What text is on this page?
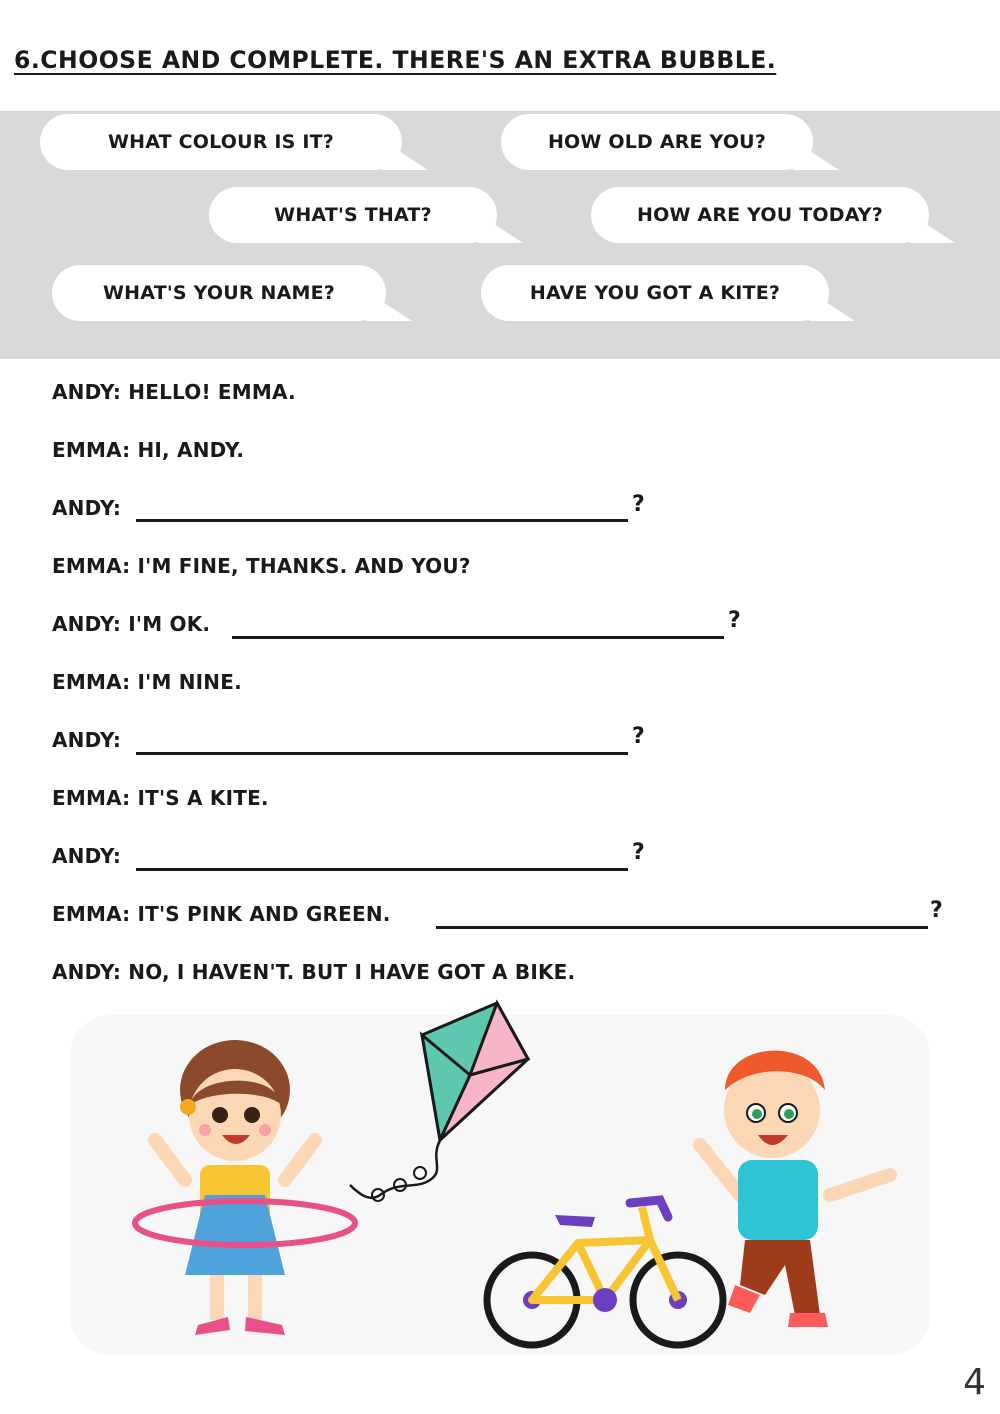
6.CHOOSE AND COMPLETE. THERE'S AN EXTRA BUBBLE.
WHAT COLOUR IS IT?	HOW OLD ARE YOU?
WHAT'S THAT?	HOW ARE YOU TODAY?
WHAT'S YOUR NAME?	HAVE YOU GOT A KITE?
ANDY: HELLO! EMMA.
EMMA: HI, ANDY.
ANDY:	?
EMMA: I'M FINE, THANKS. AND YOU?
ANDY: I'M OK.	?
EMMA: I'M NINE.
ANDY:	?
EMMA: IT'S A KITE.
ANDY:	?
EMMA: IT'S PINK AND GREEN.	?
ANDY: NO, I HAVEN'T. BUT I HAVE GOT A BIKE.
4
